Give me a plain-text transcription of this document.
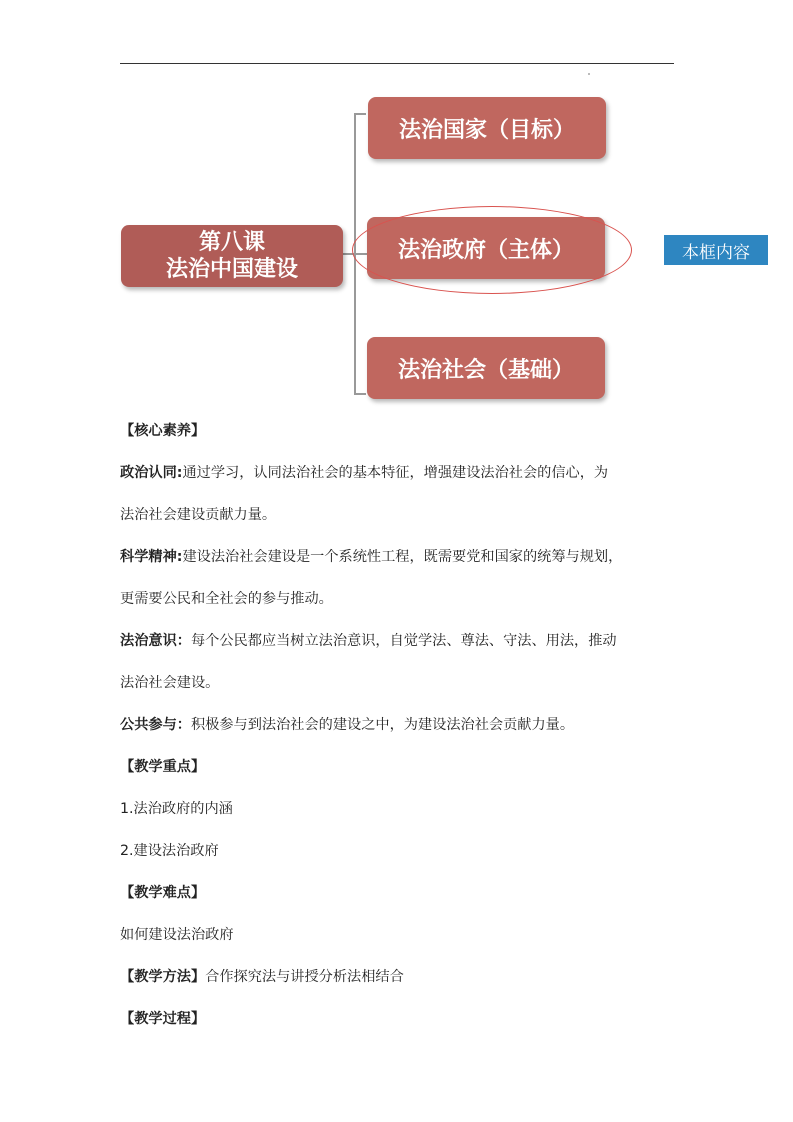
第八课
法治中国建设
法治国家（目标）
法治政府（主体）
法治社会（基础）
本框内容
【核心素养】
政治认同:通过学习，认同法治社会的基本特征，增强建设法治社会的信心，为
法治社会建设贡献力量。
科学精神:建设法治社会建设是一个系统性工程，既需要党和国家的统筹与规划，
更需要公民和全社会的参与推动。
法治意识：每个公民都应当树立法治意识，自觉学法、尊法、守法、用法，推动
法治社会建设。
公共参与：积极参与到法治社会的建设之中，为建设法治社会贡献力量。
【教学重点】
1.法治政府的内涵
2.建设法治政府
【教学难点】
如何建设法治政府
【教学方法】合作探究法与讲授分析法相结合
【教学过程】
